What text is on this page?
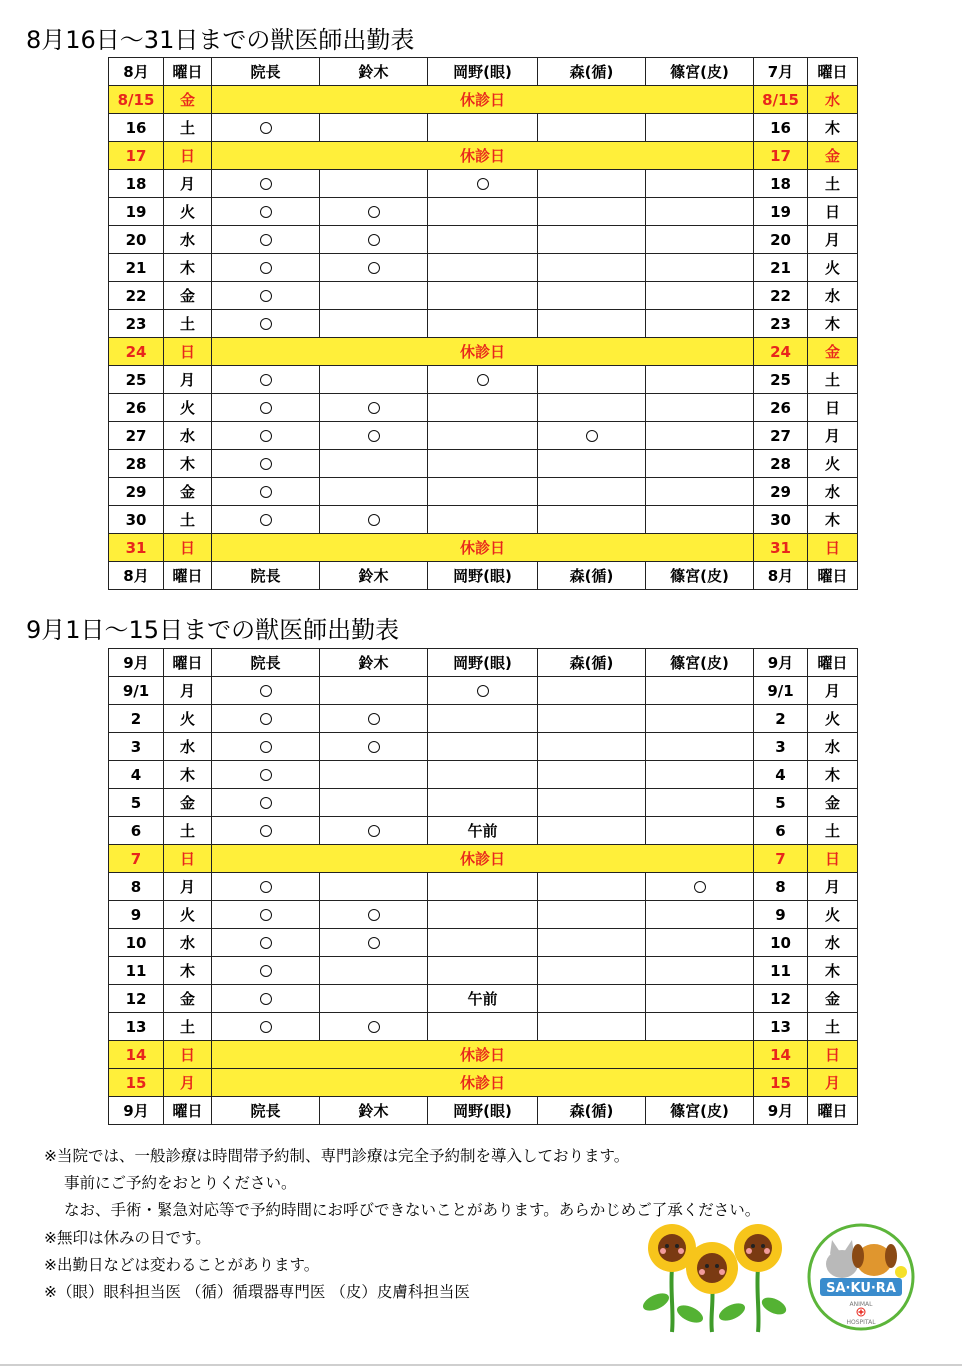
8月16日〜31日までの獣医師出勤表
8月	曜日	院長	鈴木	岡野(眼)	森(循)	篠宮(皮)	7月	曜日
8/15	金	休診日					8/15	水
16	土						16	木
17	日	休診日					17	金
18	月						18	土
19	火						19	日
20	水						20	月
21	木						21	火
22	金						22	水
23	土						23	木
24	日	休診日					24	金
25	月						25	土
26	火						26	日
27	水						27	月
28	木						28	火
29	金						29	水
30	土						30	木
31	日	休診日					31	日
8月	曜日	院長	鈴木	岡野(眼)	森(循)	篠宮(皮)	8月	曜日
9月1日〜15日までの獣医師出勤表
9月	曜日	院長	鈴木	岡野(眼)	森(循)	篠宮(皮)	9月	曜日
9/1	月						9/1	月
2	火						2	火
3	水						3	水
4	木						4	木
5	金						5	金
6	土			午前			6	土
7	日	休診日					7	日
8	月						8	月
9	火						9	火
10	水						10	水
11	木						11	木
12	金			午前			12	金
13	土						13	土
14	日	休診日					14	日
15	月	休診日					15	月
9月	曜日	院長	鈴木	岡野(眼)	森(循)	篠宮(皮)	9月	曜日
※当院では、一般診療は時間帯予約制、専門診療は完全予約制を導入しております。
事前にご予約をおとりください。
なお、手術・緊急対応等で予約時間にお呼びできないことがあります。あらかじめご了承ください。
※無印は休みの日です。
※出勤日などは変わることがあります。
※（眼）眼科担当医 （循）循環器専門医 （皮）皮膚科担当医	SA·KU·RA
ANIMAL
HOSPITAL
